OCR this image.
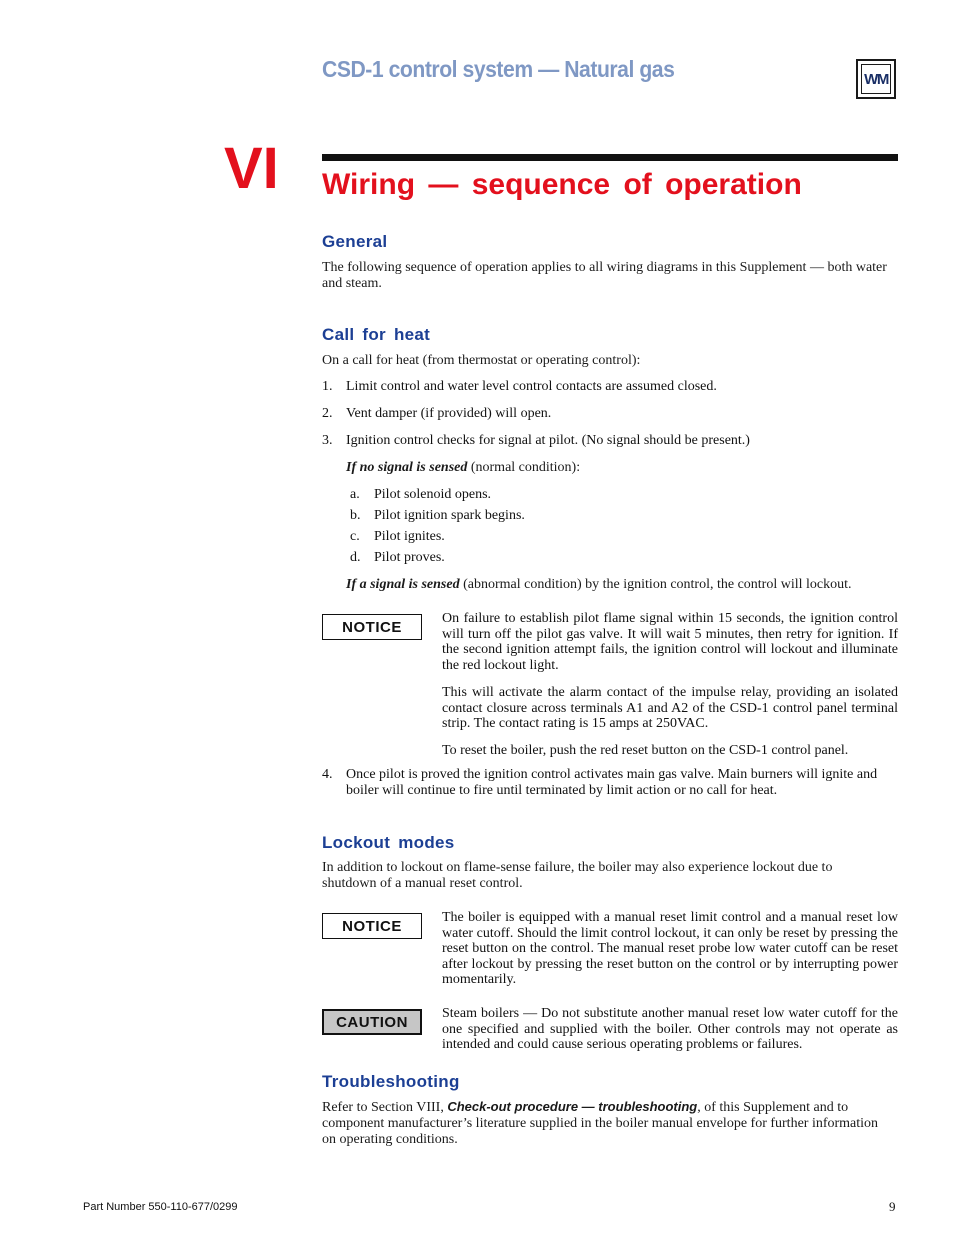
CSD-1 control system — Natural gas	WM
VI Wiring — sequence of operation
General
The following sequence of operation applies to all wiring diagrams in this Supplement — both water and steam.
Call for heat
On a call for heat (from thermostat or operating control):
1. Limit control and water level control contacts are assumed closed.
2. Vent damper (if provided) will open.
3. Ignition control checks for signal at pilot. (No signal should be present.)
If no signal is sensed (normal condition):
a. Pilot solenoid opens.
b. Pilot ignition spark begins.
c. Pilot ignites.
d. Pilot proves.
If a signal is sensed (abnormal condition) by the ignition control, the control will lockout.
NOTICE	On failure to establish pilot flame signal within 15 seconds, the ignition control will turn off the pilot gas valve. It will wait 5 minutes, then retry for ignition. If the second ignition attempt fails, the ignition control will lockout and illuminate the red lockout light.
This will activate the alarm contact of the impulse relay, providing an isolated contact closure across terminals A1 and A2 of the CSD-1 control panel terminal strip. The contact rating is 15 amps at 250VAC.
To reset the boiler, push the red reset button on the CSD-1 control panel.
4. Once pilot is proved the ignition control activates main gas valve. Main burners will ignite and boiler will continue to fire until terminated by limit action or no call for heat.
Lockout modes
In addition to lockout on flame-sense failure, the boiler may also experience lockout due to shutdown of a manual reset control.
NOTICE	The boiler is equipped with a manual reset limit control and a manual reset low water cutoff. Should the limit control lockout, it can only be reset by pressing the reset button on the control. The manual reset probe low water cutoff can be reset after lockout by pressing the reset button on the control or by interrupting power momentarily.
CAUTION	Steam boilers — Do not substitute another manual reset low water cutoff for the one specified and supplied with the boiler. Other controls may not operate as intended and could cause serious operating problems or failures.
Troubleshooting
Refer to Section VIII, Check-out procedure — troubleshooting, of this Supplement and to component manufacturer’s literature supplied in the boiler manual envelope for further information on operating conditions.
Part Number 550-110-677/0299	9
